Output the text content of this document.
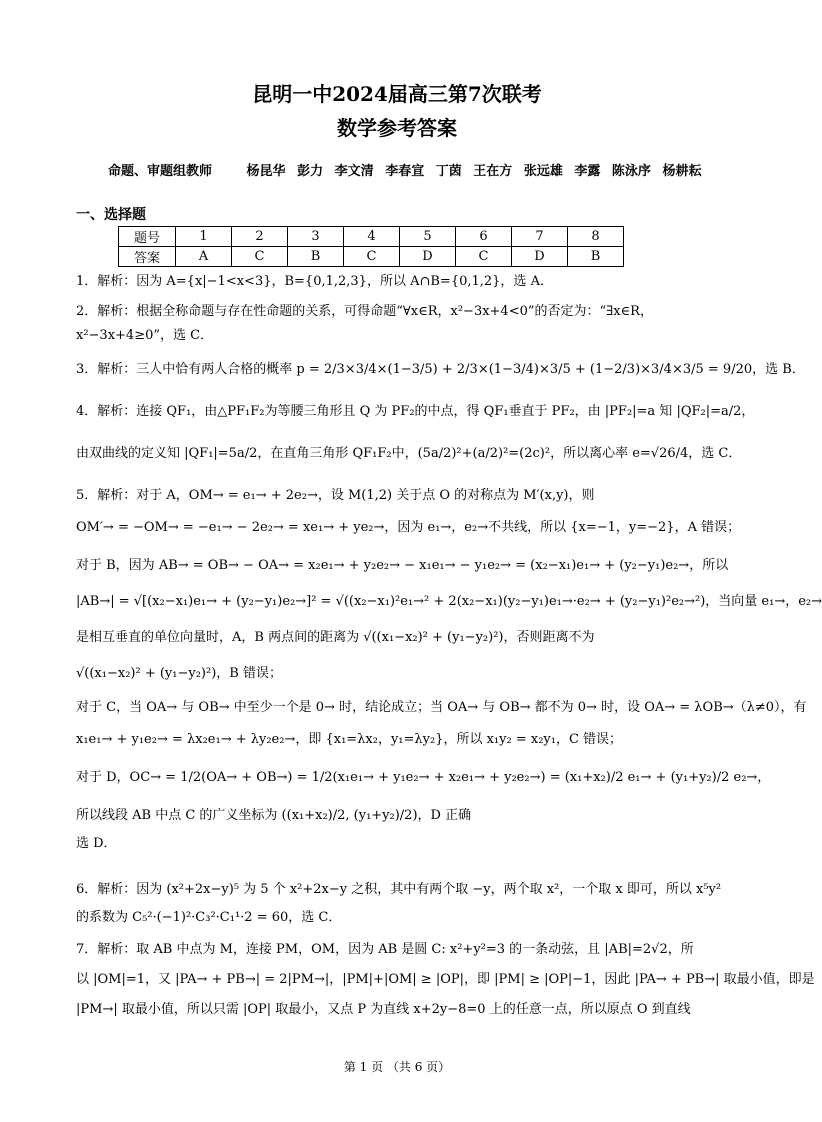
昆明一中2024届高三第7次联考
数学参考答案
命题、审题组教师	杨昆华 彭力 李文清 李春宣 丁茵 王在方 张远雄 李露 陈泳序 杨耕耘
一、选择题
题号	1	2	3	4	5	6	7	8
答案	A	C	B	C	D	C	D	B
1．解析：因为 A={x|−1<x<3}，B={0,1,2,3}，所以 A∩B={0,1,2}，选 A．
2．解析：根据全称命题与存在性命题的关系，可得命题“∀x∈R，x²−3x+4<0”的否定为：“∃x∈R，
x²−3x+4≥0”，选 C．
3．解析：三人中恰有两人合格的概率 p = 2/3×3/4×(1−3/5) + 2/3×(1−3/4)×3/5 + (1−2/3)×3/4×3/5 = 9/20，选 B．
4．解析：连接 QF₁，由△PF₁F₂为等腰三角形且 Q 为 PF₂的中点，得 QF₁垂直于 PF₂，由 |PF₂|=a 知 |QF₂|=a/2，
由双曲线的定义知 |QF₁|=5a/2，在直角三角形 QF₁F₂中，(5a/2)²+(a/2)²=(2c)²，所以离心率 e=√26/4，选 C．
5．解析：对于 A，OM→ = e₁→ + 2e₂→，设 M(1,2) 关于点 O 的对称点为 M′(x,y)，则
OM′→ = −OM→ = −e₁→ − 2e₂→ = xe₁→ + ye₂→，因为 e₁→，e₂→不共线，所以 {x=−1，y=−2}，A 错误；
对于 B，因为 AB→ = OB→ − OA→ = x₂e₁→ + y₂e₂→ − x₁e₁→ − y₁e₂→ = (x₂−x₁)e₁→ + (y₂−y₁)e₂→，所以
|AB→| = √[(x₂−x₁)e₁→ + (y₂−y₁)e₂→]² = √((x₂−x₁)²e₁→² + 2(x₂−x₁)(y₂−y₁)e₁→·e₂→ + (y₂−y₁)²e₂→²)，当向量 e₁→，e₂→
是相互垂直的单位向量时，A，B 两点间的距离为 √((x₁−x₂)² + (y₁−y₂)²)，否则距离不为
√((x₁−x₂)² + (y₁−y₂)²)，B 错误；
对于 C，当 OA→ 与 OB→ 中至少一个是 0→ 时，结论成立；当 OA→ 与 OB→ 都不为 0→ 时，设 OA→ = λOB→（λ≠0），有
x₁e₁→ + y₁e₂→ = λx₂e₁→ + λy₂e₂→，即 {x₁=λx₂，y₁=λy₂}，所以 x₁y₂ = x₂y₁，C 错误；
对于 D，OC→ = 1/2(OA→ + OB→) = 1/2(x₁e₁→ + y₁e₂→ + x₂e₁→ + y₂e₂→) = (x₁+x₂)/2 e₁→ + (y₁+y₂)/2 e₂→，
所以线段 AB 中点 C 的广义坐标为 ((x₁+x₂)/2, (y₁+y₂)/2)，D 正确
选 D．
6．解析：因为 (x²+2x−y)⁵ 为 5 个 x²+2x−y 之积，其中有两个取 −y，两个取 x²，一个取 x 即可，所以 x⁵y²
的系数为 C₅²·(−1)²·C₃²·C₁¹·2 = 60，选 C．
7．解析：取 AB 中点为 M，连接 PM，OM，因为 AB 是圆 C: x²+y²=3 的一条动弦，且 |AB|=2√2，所
以 |OM|=1，又 |PA→ + PB→| = 2|PM→|，|PM|+|OM| ≥ |OP|，即 |PM| ≥ |OP|−1，因此 |PA→ + PB→| 取最小值，即是
|PM→| 取最小值，所以只需 |OP| 取最小，又点 P 为直线 x+2y−8=0 上的任意一点，所以原点 O 到直线
第 1 页 （共 6 页）
